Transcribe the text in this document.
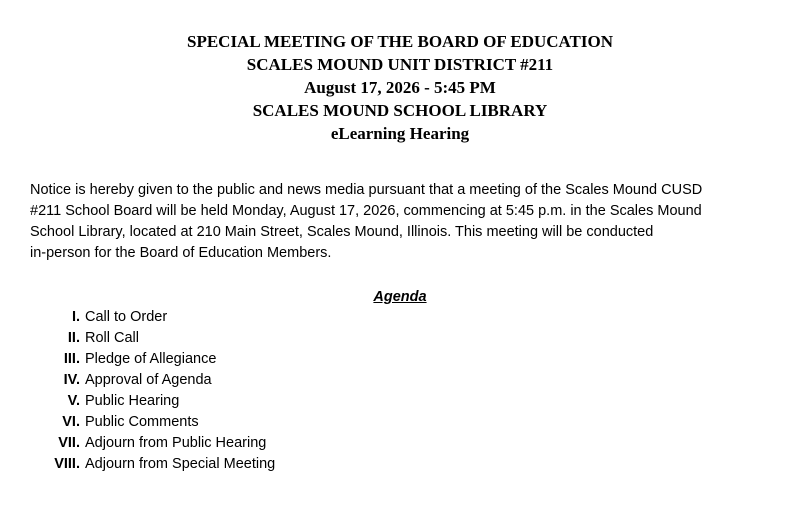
SPECIAL MEETING OF THE BOARD OF EDUCATION
SCALES MOUND UNIT DISTRICT #211
August 17, 2026 - 5:45 PM
SCALES MOUND SCHOOL LIBRARY
eLearning Hearing
Notice is hereby given to the public and news media pursuant that a meeting of the Scales Mound CUSD
#211 School Board will be held Monday, August 17, 2026, commencing at 5:45 p.m. in the Scales Mound
School Library, located at 210 Main Street, Scales Mound, Illinois. This meeting will be conducted
in-person for the Board of Education Members.
Agenda
I. Call to Order
II. Roll Call
III. Pledge of Allegiance
IV. Approval of Agenda
V. Public Hearing
VI. Public Comments
VII. Adjourn from Public Hearing
VIII. Adjourn from Special Meeting
